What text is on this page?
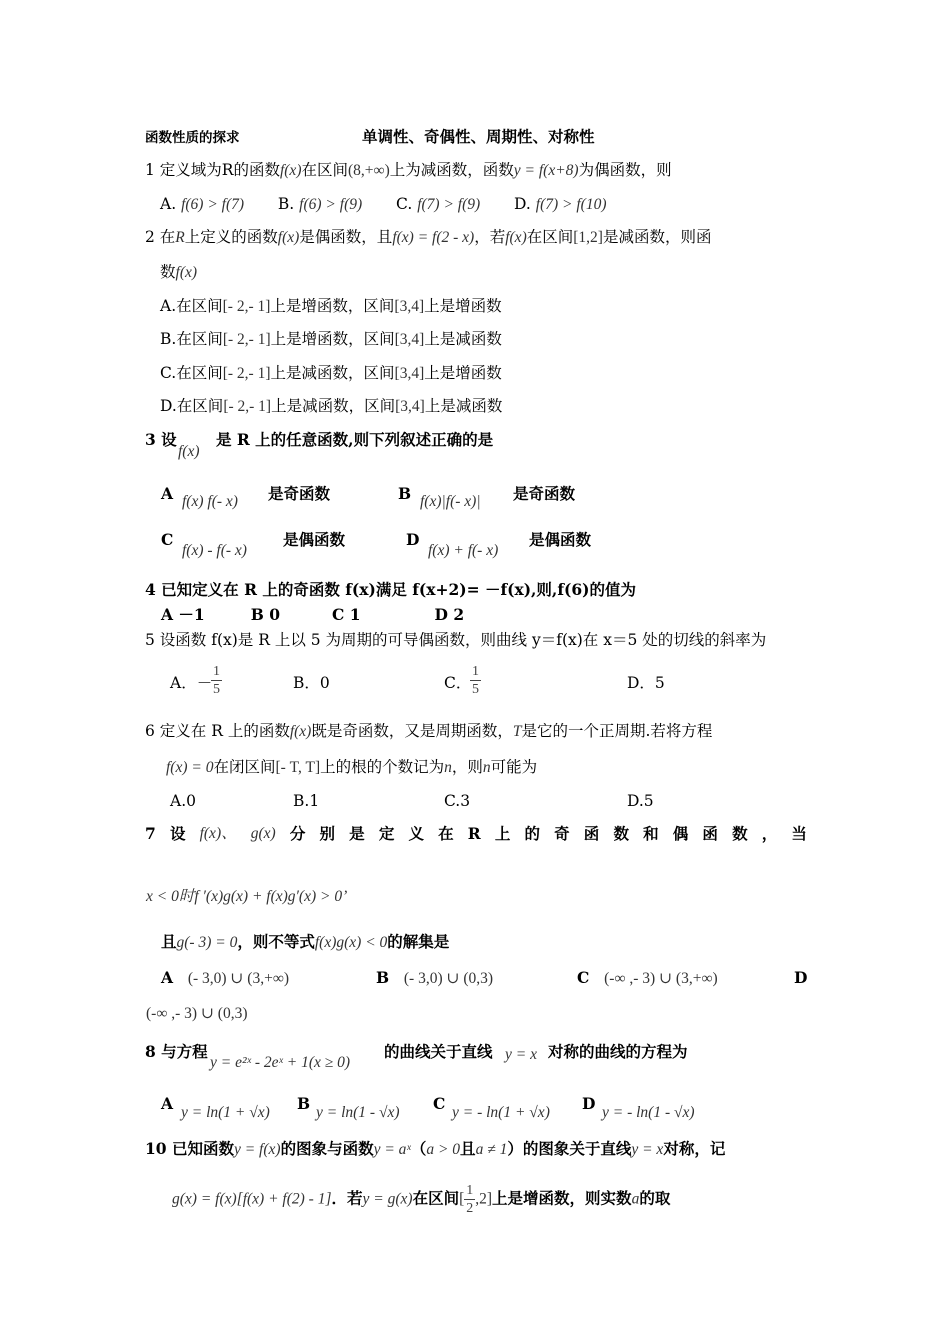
函数性质的探求	单调性、奇偶性、周期性、对称性
1 定义域为R的函数f(x)在区间(8,+∞)上为减函数，函数y = f(x+8)为偶函数，则
A. f(6) > f(7) B. f(6) > f(9) C. f(7) > f(9) D. f(7) > f(10)
2 在R上定义的函数f(x)是偶函数，且f(x) = f(2 - x)，若f(x)在区间[1,2]是减函数，则函
数f(x)
A.在区间[- 2,- 1]上是增函数，区间[3,4]上是增函数
B.在区间[- 2,- 1]上是增函数，区间[3,4]上是减函数
C.在区间[- 2,- 1]上是减函数，区间[3,4]上是增函数
D.在区间[- 2,- 1]上是减函数，区间[3,4]上是减函数
3 设
f(x)
是 R 上的任意函数,则下列叙述正确的是
A f(x) f(- x) 是奇函数	B f(x)|f(- x)| 是奇函数
C
f(x) - f(- x)
是偶函数	D
f(x) + f(- x)
是偶函数
4 已知定义在 R 上的奇函数 f(x)满足 f(x+2)= －f(x),则,f(6)的值为
A －1	B 0	C 1	D 2
5 设函数 f(x)是 R 上以 5 为周期的可导偶函数，则曲线 y＝f(x)在 x＝5 处的切线的斜率为
A．－
$\frac{1}{5}$	B．0	C．
$\frac{1}{5}$	D．5
6 定义在 R 上的函数f(x)既是奇函数，又是周期函数，T是它的一个正周期.若将方程
f(x) = 0在闭区间[- T, T]上的根的个数记为n，则n可能为
A.0	B.1	C.3	D.5
7 设 f(x)、 g(x) 分 别 是 定 义 在 R 上 的 奇 函 数 和 偶 函 数 ， 当
x < 0时f ′(x)g(x) + f(x)g′(x) > 0’
且g(- 3) = 0，则不等式f(x)g(x) < 0的解集是
A (- 3,0) ∪ (3,+∞)	B (- 3,0) ∪ (0,3)	C (-∞ ,- 3) ∪ (3,+∞)	D
(-∞ ,- 3) ∪ (0,3)
8 与方程
y = e²ˣ - 2eˣ + 1(x ≥ 0)
的曲线关于直线 y = x 对称的曲线的方程为
A y = ln(1 + √x) B y = ln(1 - √x) C y = - ln(1 + √x) D y = - ln(1 - √x)
10 已知函数y = f(x)的图象与函数y = aˣ（a > 0且a ≠ 1）的图象关于直线y = x对称，记
g(x) = f(x)[f(x) + f(2) - 1]．若y = g(x)在区间[ $\frac{1}{2} ,2$]上是增函数，则实数a的取
